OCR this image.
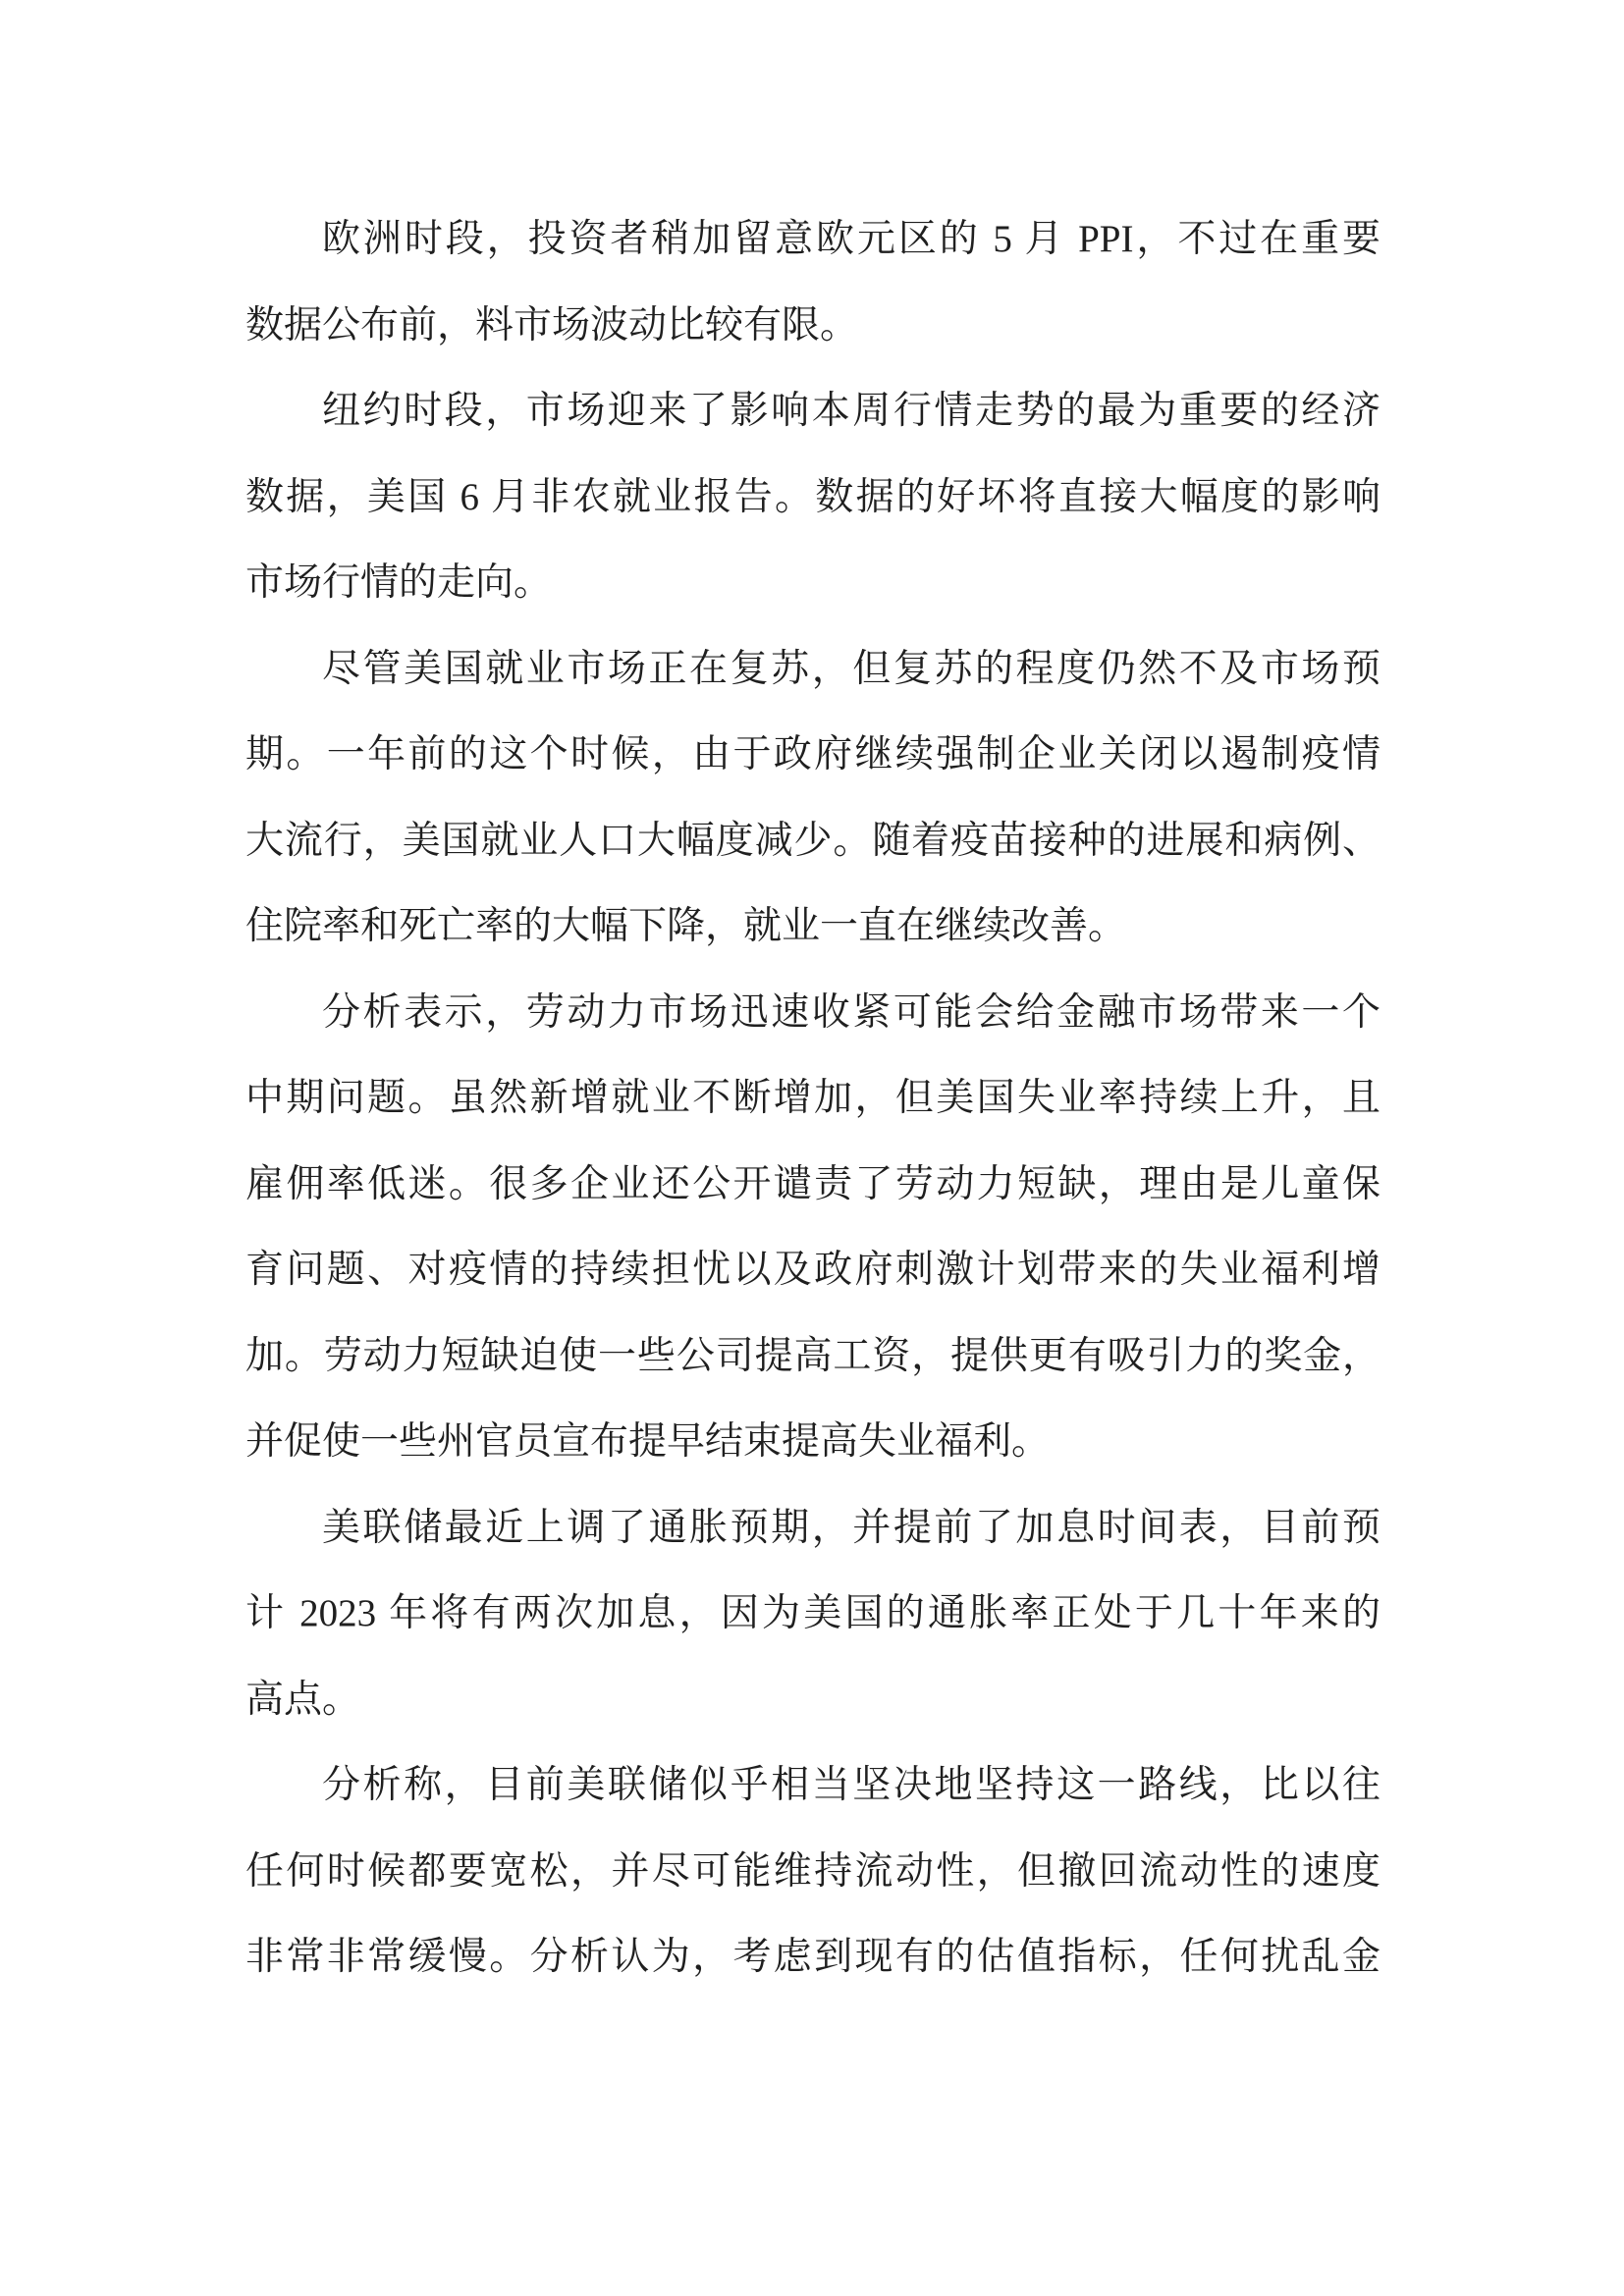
欧洲时段，投资者稍加留意欧元区的 5 月 PPI，不过在重要
数据公布前，料市场波动比较有限。
纽约时段，市场迎来了影响本周行情走势的最为重要的经济
数据，美国 6 月非农就业报告。数据的好坏将直接大幅度的影响
市场行情的走向。
尽管美国就业市场正在复苏，但复苏的程度仍然不及市场预
期。一年前的这个时候，由于政府继续强制企业关闭以遏制疫情
大流行，美国就业人口大幅度减少。随着疫苗接种的进展和病例、
住院率和死亡率的大幅下降，就业一直在继续改善。
分析表示，劳动力市场迅速收紧可能会给金融市场带来一个
中期问题。虽然新增就业不断增加，但美国失业率持续上升，且
雇佣率低迷。很多企业还公开谴责了劳动力短缺，理由是儿童保
育问题、对疫情的持续担忧以及政府刺激计划带来的失业福利增
加。劳动力短缺迫使一些公司提高工资，提供更有吸引力的奖金，
并促使一些州官员宣布提早结束提高失业福利。
美联储最近上调了通胀预期，并提前了加息时间表，目前预
计 2023 年将有两次加息，因为美国的通胀率正处于几十年来的
高点。
分析称，目前美联储似乎相当坚决地坚持这一路线，比以往
任何时候都要宽松，并尽可能维持流动性，但撤回流动性的速度
非常非常缓慢。分析认为，考虑到现有的估值指标，任何扰乱金
